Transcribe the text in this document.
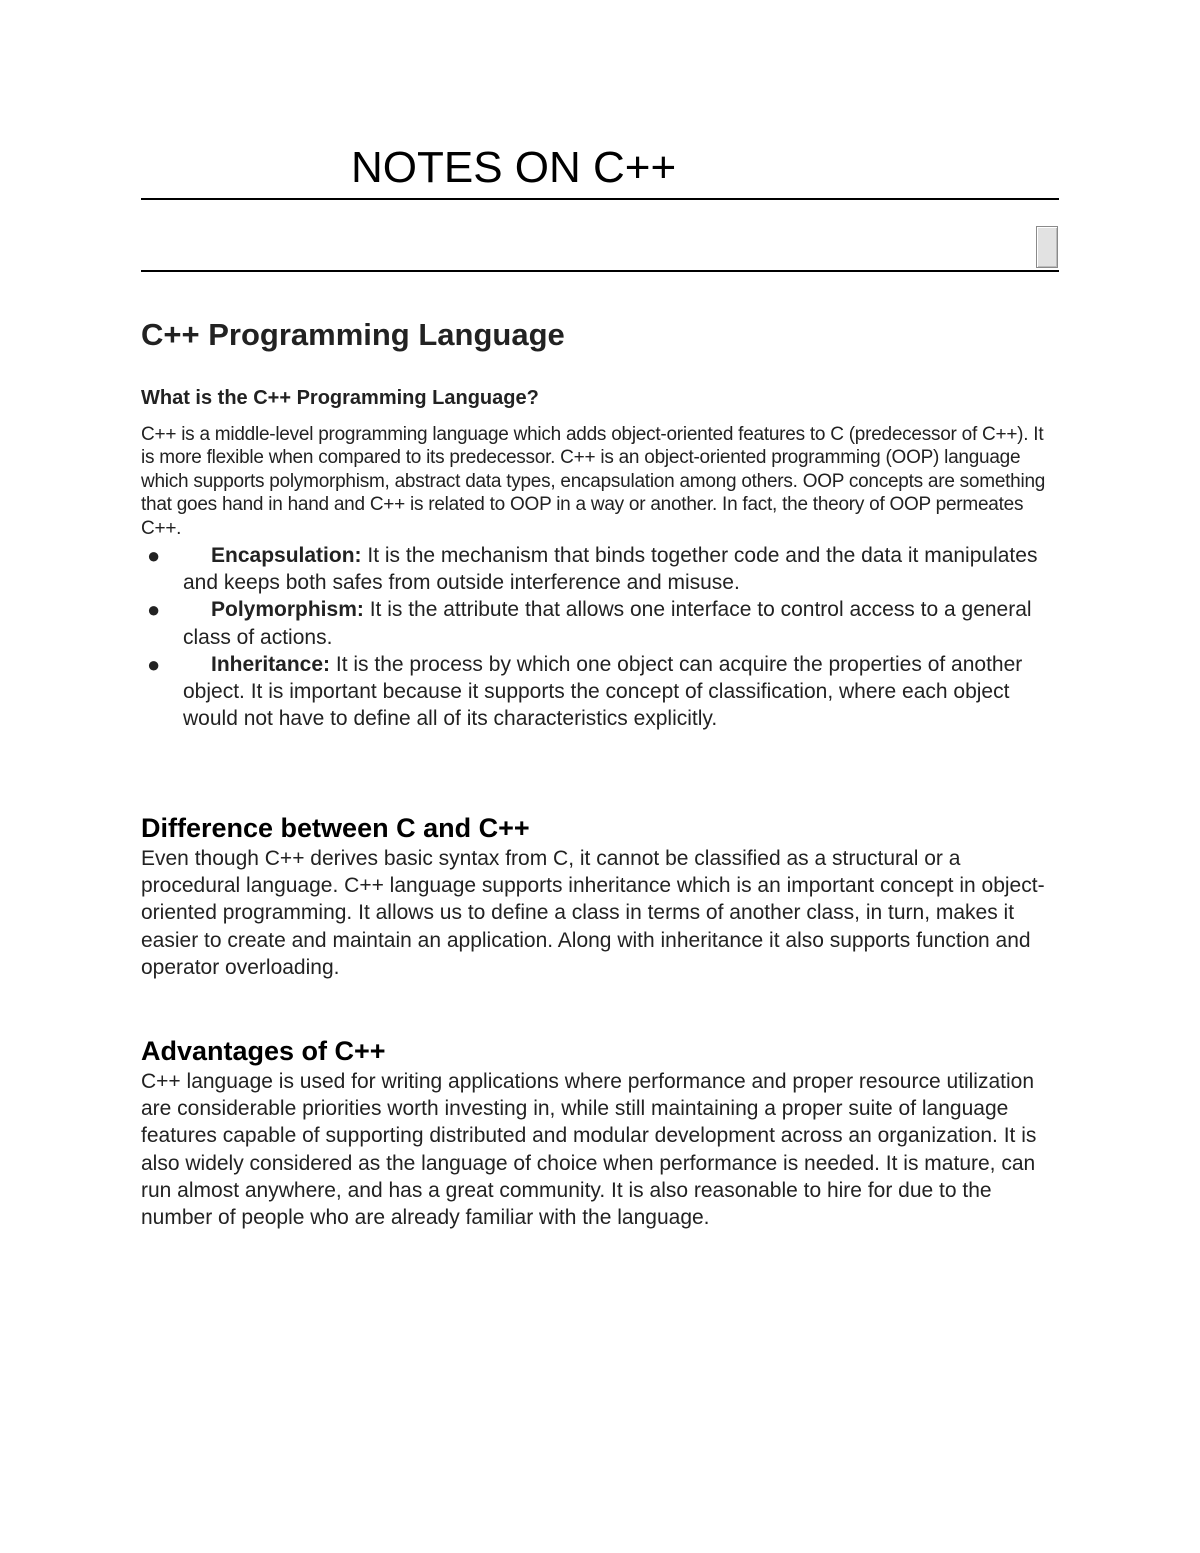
NOTES ON C++
C++ Programming Language
What is the C++ Programming Language?

C++ is a middle-level programming language which adds object-oriented features to C (predecessor of C++). It is more flexible when compared to its predecessor. C++ is an object-oriented programming (OOP) language which supports polymorphism, abstract data types, encapsulation among others. OOP concepts are something that goes hand in hand and C++ is related to OOP in a way or another. In fact, the theory of OOP permeates C++.

● Encapsulation: It is the mechanism that binds together code and the data it manipulates and keeps both safes from outside interference and misuse.
● Polymorphism: It is the attribute that allows one interface to control access to a general class of actions.
● Inheritance: It is the process by which one object can acquire the properties of another object. It is important because it supports the concept of classification, where each object would not have to define all of its characteristics explicitly.
Difference between C and C++

Even though C++ derives basic syntax from C, it cannot be classified as a structural or a procedural language. C++ language supports inheritance which is an important concept in object-oriented programming. It allows us to define a class in terms of another class, in turn, makes it easier to create and maintain an application. Along with inheritance it also supports function and operator overloading.

Advantages of C++

C++ language is used for writing applications where performance and proper resource utilization are considerable priorities worth investing in, while still maintaining a proper suite of language features capable of supporting distributed and modular development across an organization. It is also widely considered as the language of choice when performance is needed. It is mature, can run almost anywhere, and has a great community. It is also reasonable to hire for due to the number of people who are already familiar with the language.
